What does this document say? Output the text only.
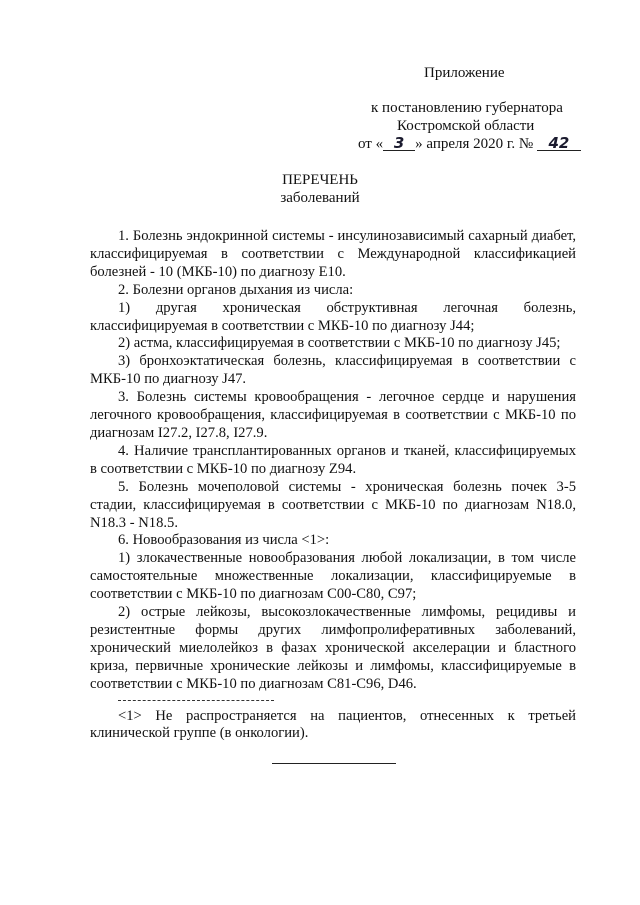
Приложение
к постановлению губернатора
Костромской области
от « 3 » апреля 2020 г. № 42
ПЕРЕЧЕНЬ
заболеваний

1. Болезнь эндокринной системы - инсулинозависимый сахарный диабет, классифицируемая в соответствии с Международной классификацией болезней - 10 (МКБ-10) по диагнозу E10.

2. Болезни органов дыхания из числа:

1) другая хроническая обструктивная легочная болезнь, классифицируемая в соответствии с МКБ-10 по диагнозу J44;

2) астма, классифицируемая в соответствии с МКБ-10 по диагнозу J45;

3) бронхоэктатическая болезнь, классифицируемая в соответствии с МКБ-10 по диагнозу J47.

3. Болезнь системы кровообращения - легочное сердце и нарушения легочного кровообращения, классифицируемая в соответствии с МКБ-10 по диагнозам I27.2, I27.8, I27.9.

4. Наличие трансплантированных органов и тканей, классифицируемых в соответствии с МКБ-10 по диагнозу Z94.

5. Болезнь мочеполовой системы - хроническая болезнь почек 3-5 стадии, классифицируемая в соответствии с МКБ-10 по диагнозам N18.0, N18.3 - N18.5.

6. Новообразования из числа <1>:

1) злокачественные новообразования любой локализации, в том числе самостоятельные множественные локализации, классифицируемые в соответствии с МКБ-10 по диагнозам C00-C80, C97;

2) острые лейкозы, высокозлокачественные лимфомы, рецидивы и резистентные формы других лимфопролиферативных заболеваний, хронический миелолейкоз в фазах хронической акселерации и бластного криза, первичные хронические лейкозы и лимфомы, классифицируемые в соответствии с МКБ-10 по диагнозам C81-C96, D46.

<1> Не распространяется на пациентов, отнесенных к третьей клинической группе (в онкологии).
